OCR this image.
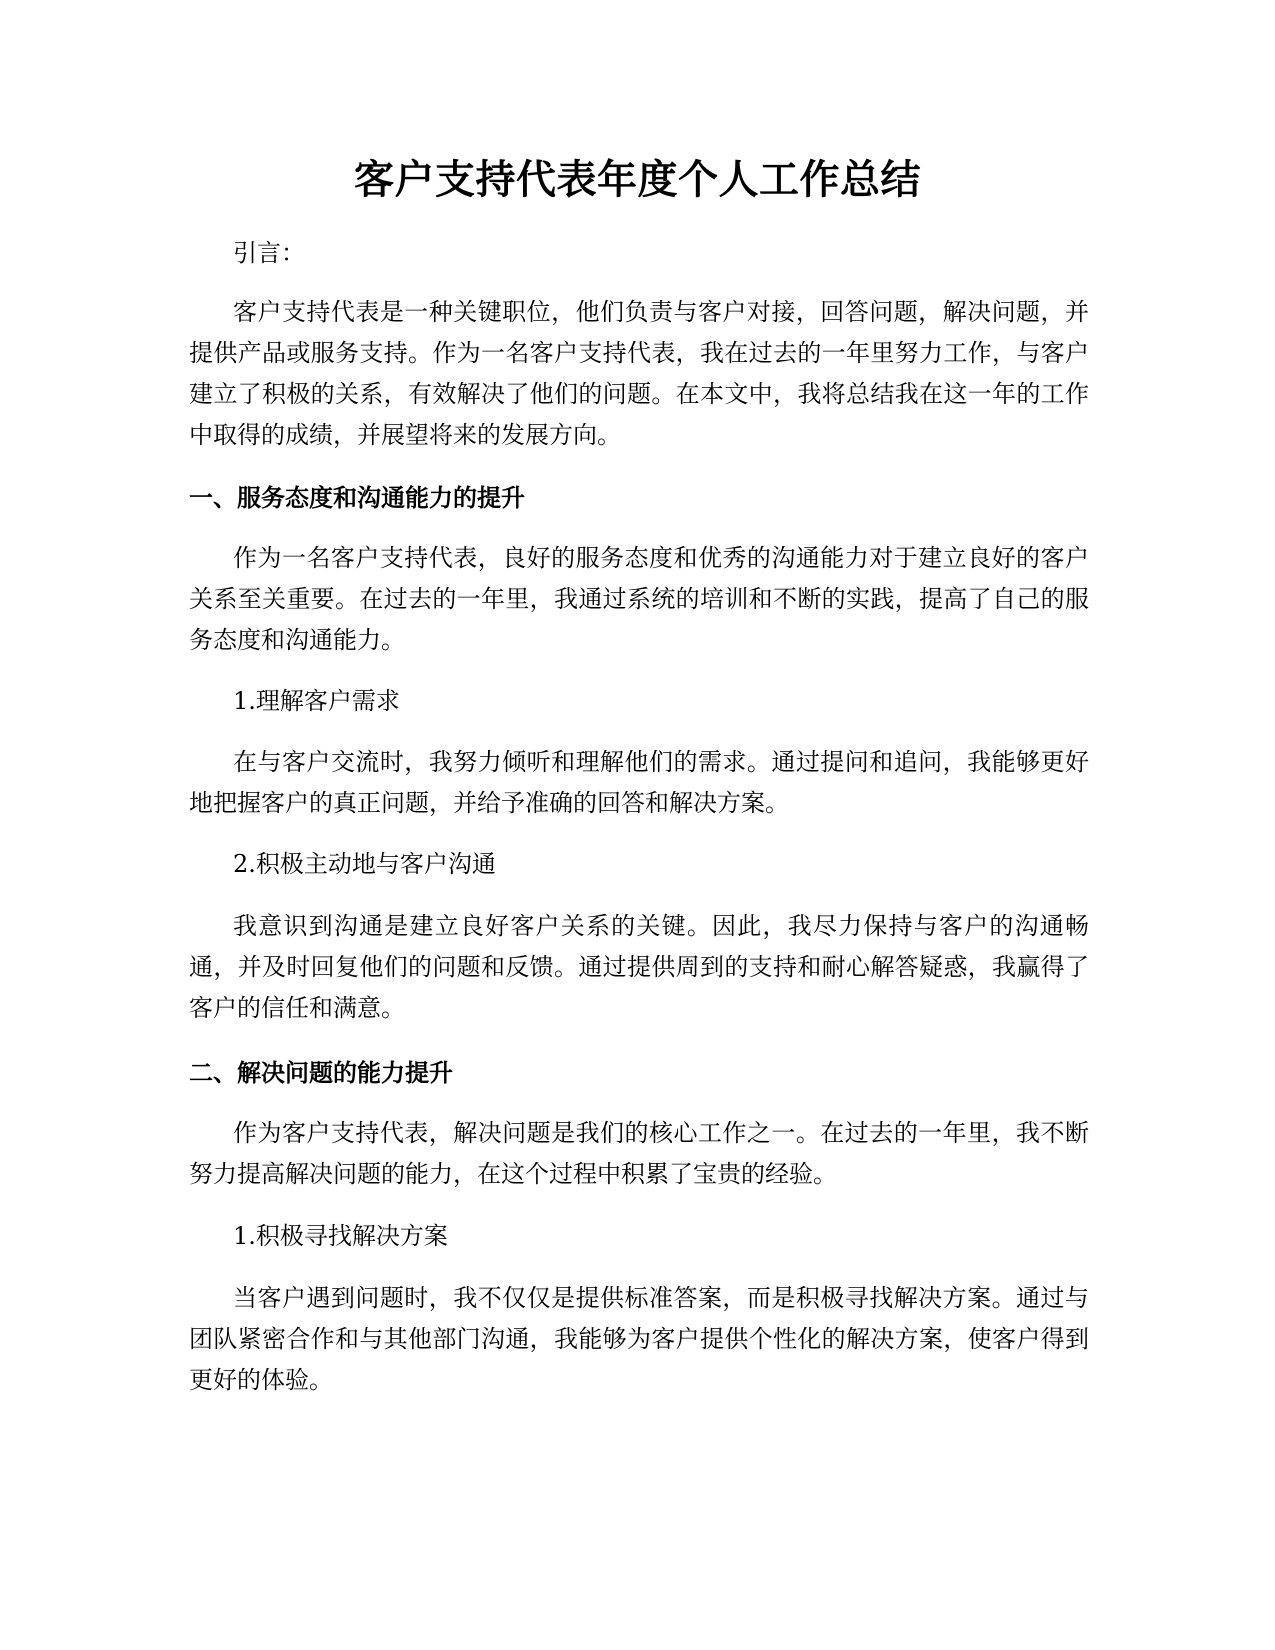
客户支持代表年度个人工作总结

引言：

客户支持代表是一种关键职位，他们负责与客户对接，回答问题，解决问题，并提供产品或服务支持。作为一名客户支持代表，我在过去的一年里努力工作，与客户建立了积极的关系，有效解决了他们的问题。在本文中，我将总结我在这一年的工作中取得的成绩，并展望将来的发展方向。

一、服务态度和沟通能力的提升

作为一名客户支持代表，良好的服务态度和优秀的沟通能力对于建立良好的客户关系至关重要。在过去的一年里，我通过系统的培训和不断的实践，提高了自己的服务态度和沟通能力。

1.理解客户需求

在与客户交流时，我努力倾听和理解他们的需求。通过提问和追问，我能够更好地把握客户的真正问题，并给予准确的回答和解决方案。

2.积极主动地与客户沟通

我意识到沟通是建立良好客户关系的关键。因此，我尽力保持与客户的沟通畅通，并及时回复他们的问题和反馈。通过提供周到的支持和耐心解答疑惑，我赢得了客户的信任和满意。

二、解决问题的能力提升

作为客户支持代表，解决问题是我们的核心工作之一。在过去的一年里，我不断努力提高解决问题的能力，在这个过程中积累了宝贵的经验。

1.积极寻找解决方案

当客户遇到问题时，我不仅仅是提供标准答案，而是积极寻找解决方案。通过与团队紧密合作和与其他部门沟通，我能够为客户提供个性化的解决方案，使客户得到更好的体验。
